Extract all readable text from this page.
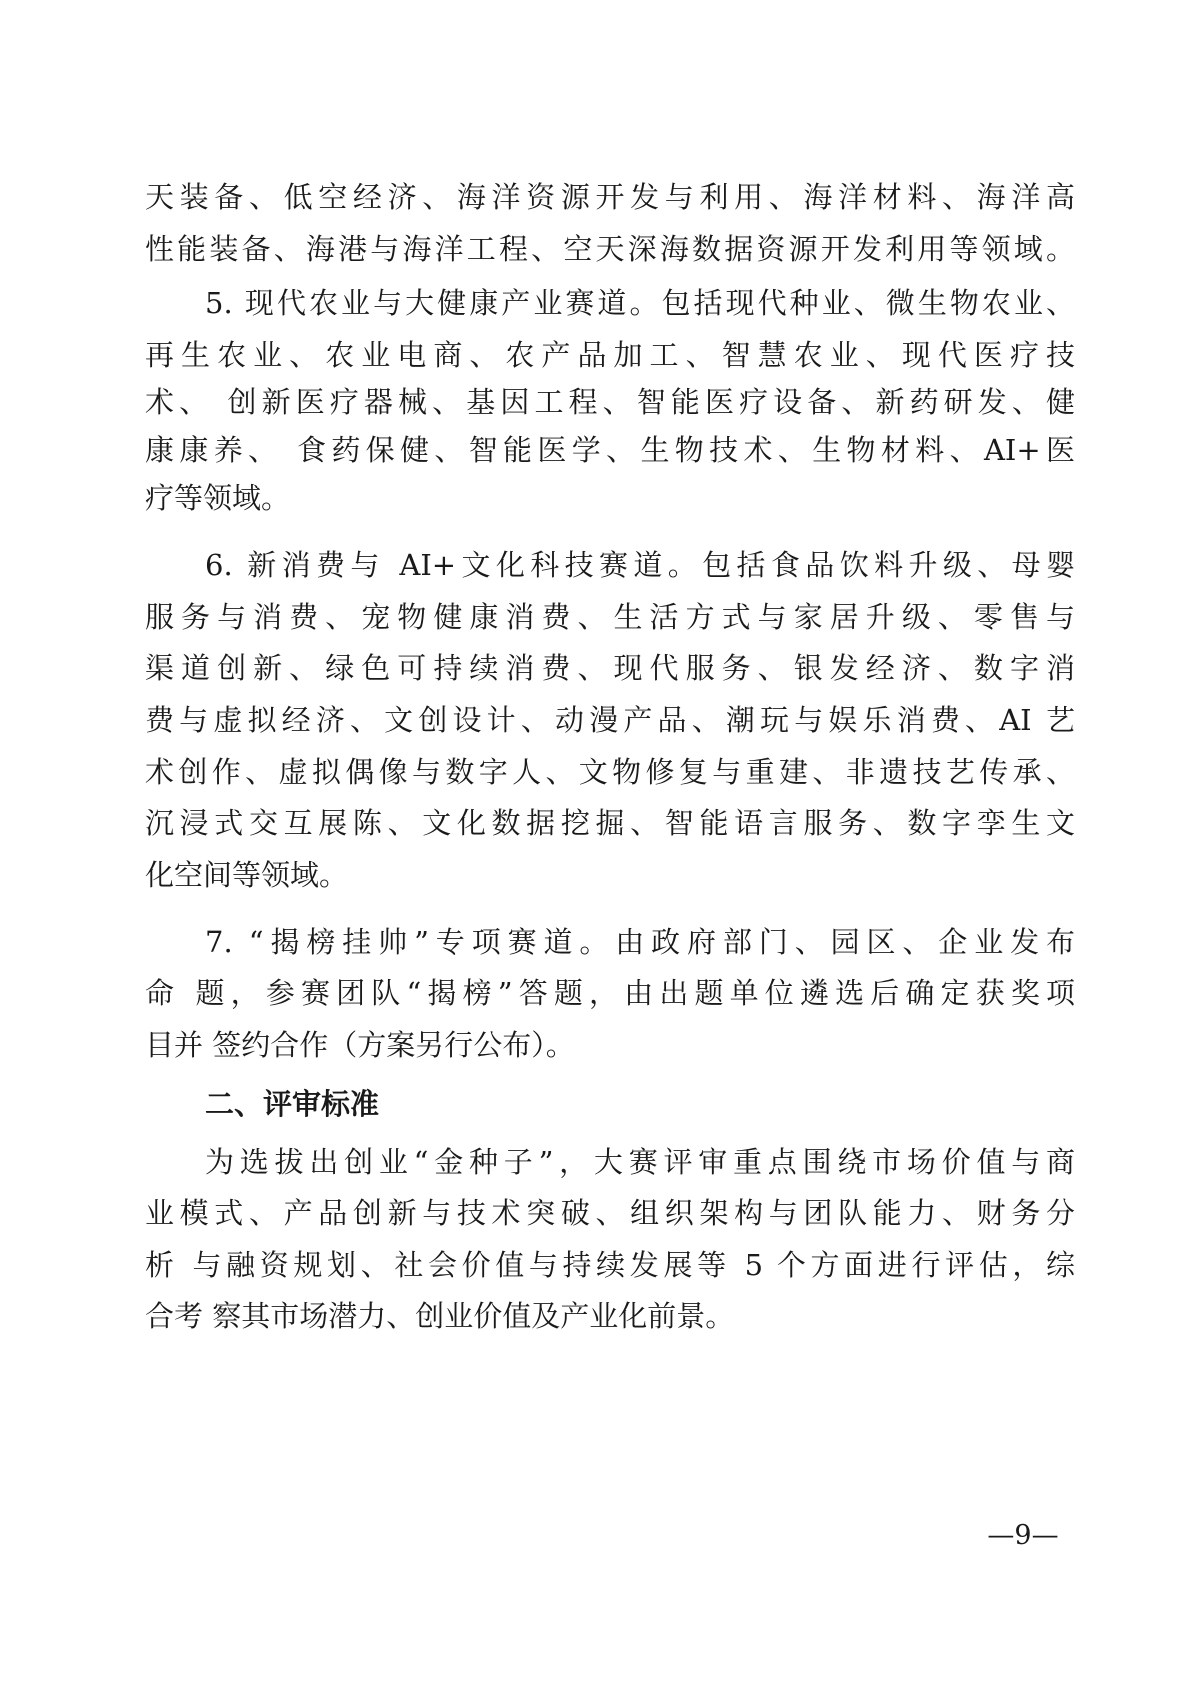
天装备、低空经济、海洋资源开发与利用、海洋材料、海洋高
性能装备、海港与海洋工程、空天深海数据资源开发利用等领域。
5. 现代农业与大健康产业赛道。包括现代种业、微生物农业、
再生农业、农业电商、农产品加工、智慧农业、现代医疗技
术、 创新医疗器械、基因工程、智能医疗设备、新药研发、健
康康养、 食药保健、智能医学、生物技术、生物材料、AI+医
疗等领域。
6. 新消费与 AI+文化科技赛道。包括食品饮料升级、母婴
服务与消费、宠物健康消费、生活方式与家居升级、零售与
渠道创新、绿色可持续消费、现代服务、银发经济、数字消
费与虚拟经济、文创设计、动漫产品、潮玩与娱乐消费、AI 艺
术创作、虚拟偶像与数字人、文物修复与重建、非遗技艺传承、
沉浸式交互展陈、文化数据挖掘、智能语言服务、数字孪生文
化空间等领域。
7. “揭榜挂帅”专项赛道。由政府部门、园区、企业发布
命 题，参赛团队“揭榜”答题，由出题单位遴选后确定获奖项
目并 签约合作（方案另行公布）。
二、评审标准
为选拔出创业“金种子”，大赛评审重点围绕市场价值与商
业模式、产品创新与技术突破、组织架构与团队能力、财务分
析 与融资规划、社会价值与持续发展等 5 个方面进行评估，综
合考 察其市场潜力、创业价值及产业化前景。
—9—
